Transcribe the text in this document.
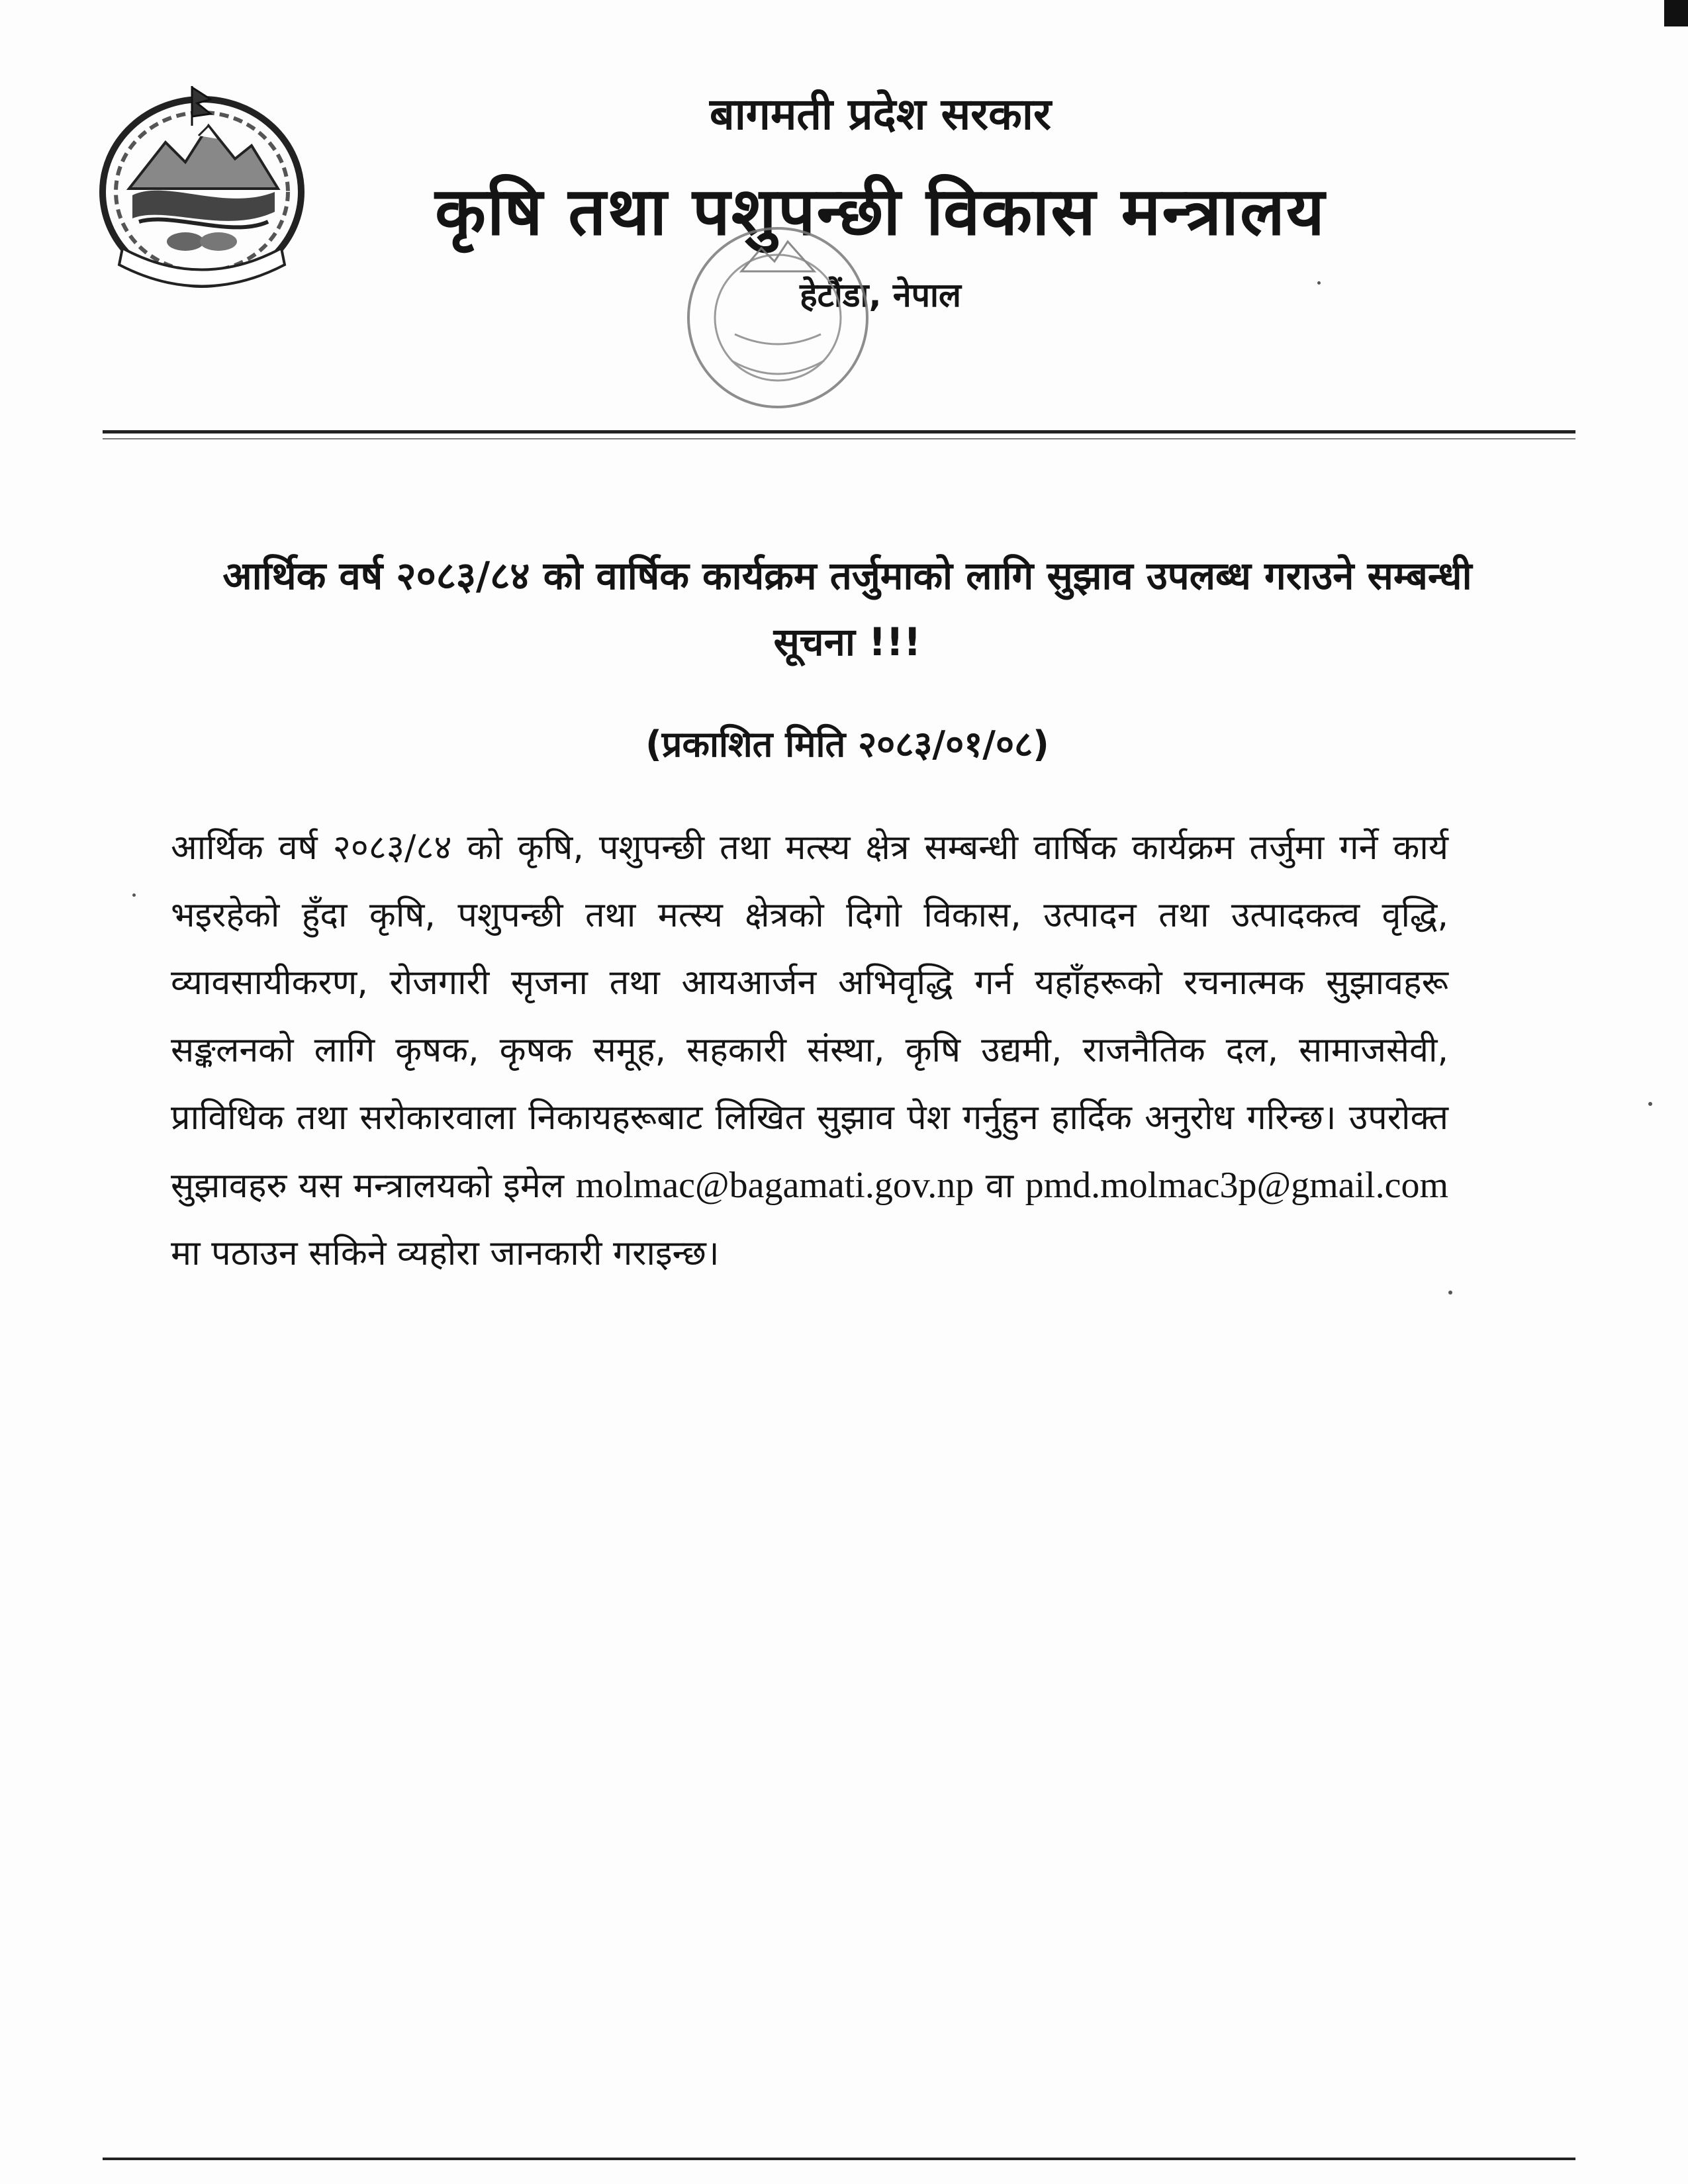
बागमती प्रदेश सरकार
कृषि तथा पशुपन्छी विकास मन्त्रालय
हेटौंडा, नेपाल
आर्थिक वर्ष २०८३/८४ को वार्षिक कार्यक्रम तर्जुमाको लागि सुझाव उपलब्ध गराउने सम्बन्धी सूचना !!!
(प्रकाशित मिति २०८३/०१/०८)
आर्थिक वर्ष २०८३/८४ को कृषि, पशुपन्छी तथा मत्स्य क्षेत्र सम्बन्धी वार्षिक कार्यक्रम तर्जुमा गर्ने कार्य भइरहेको हुँदा कृषि, पशुपन्छी तथा मत्स्य क्षेत्रको दिगो विकास, उत्पादन तथा उत्पादकत्व वृद्धि, व्यावसायीकरण, रोजगारी सृजना तथा आयआर्जन अभिवृद्धि गर्न यहाँहरूको रचनात्मक सुझावहरू सङ्कलनको लागि कृषक, कृषक समूह, सहकारी संस्था, कृषि उद्यमी, राजनैतिक दल, सामाजसेवी, प्राविधिक तथा सरोकारवाला निकायहरूबाट लिखित सुझाव पेश गर्नुहुन हार्दिक अनुरोध गरिन्छ। उपरोक्त सुझावहरु यस मन्त्रालयको इमेल molmac@bagamati.gov.np वा pmd.molmac3p@gmail.com मा पठाउन सकिने व्यहोरा जानकारी गराइन्छ।
